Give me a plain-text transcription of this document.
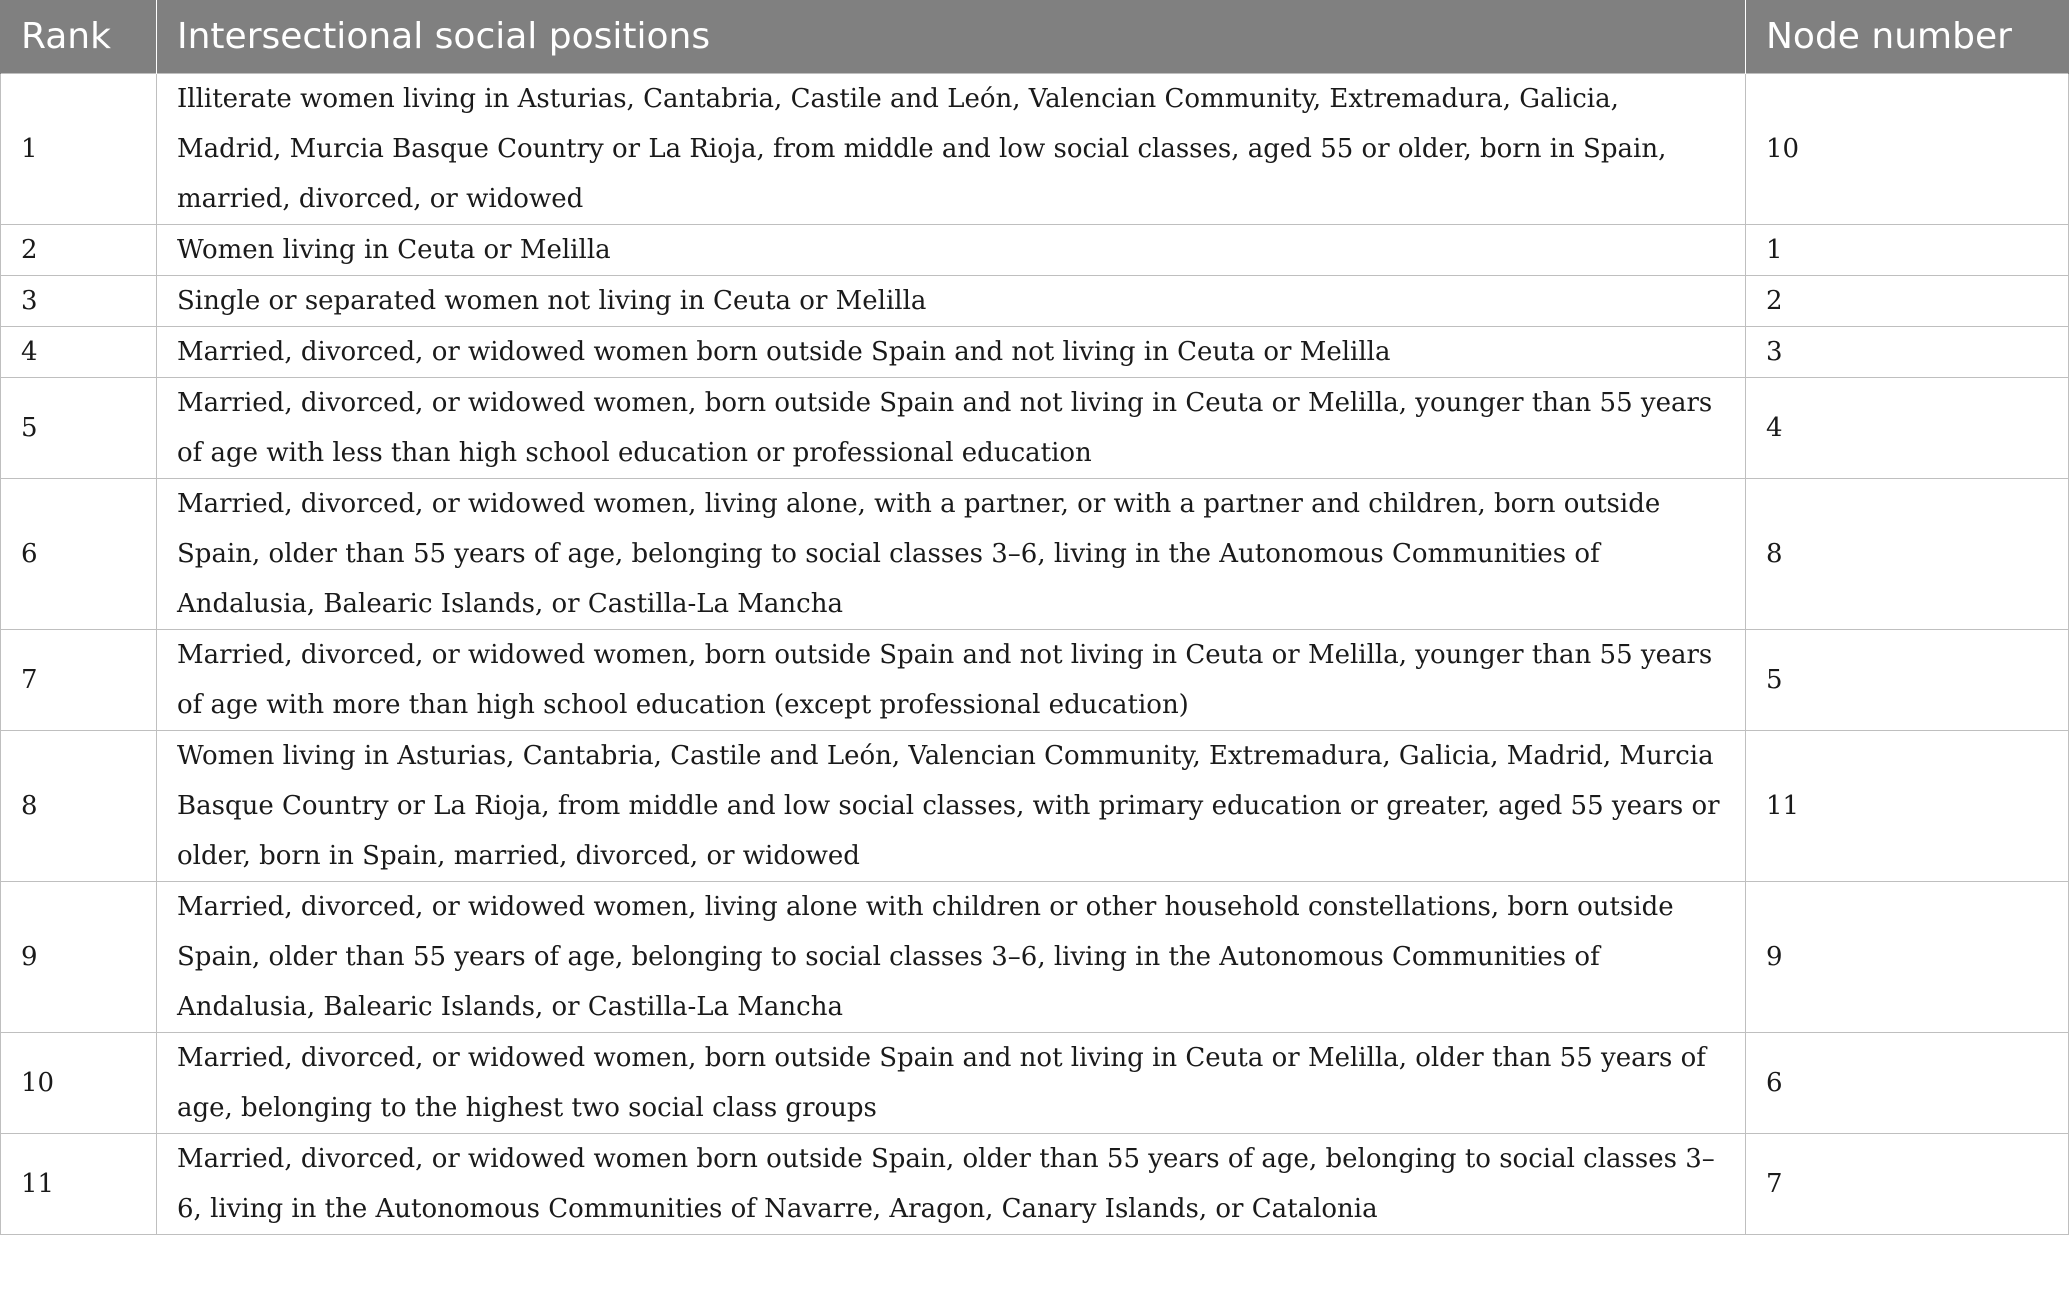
Rank	Intersectional social positions	Node number
1	Illiterate women living in Asturias, Cantabria, Castile and León, Valencian Community, Extremadura, Galicia, Madrid, Murcia Basque Country or La Rioja, from middle and low social classes, aged 55 or older, born in Spain, married, divorced, or widowed	10
2	Women living in Ceuta or Melilla	1
3	Single or separated women not living in Ceuta or Melilla	2
4	Married, divorced, or widowed women born outside Spain and not living in Ceuta or Melilla	3
5	Married, divorced, or widowed women, born outside Spain and not living in Ceuta or Melilla, younger than 55 years of age with less than high school education or professional education	4
6	Married, divorced, or widowed women, living alone, with a partner, or with a partner and children, born outside Spain, older than 55 years of age, belonging to social classes 3–6, living in the Autonomous Communities of Andalusia, Balearic Islands, or Castilla-La Mancha	8
7	Married, divorced, or widowed women, born outside Spain and not living in Ceuta or Melilla, younger than 55 years of age with more than high school education (except professional education)	5
8	Women living in Asturias, Cantabria, Castile and León, Valencian Community, Extremadura, Galicia, Madrid, Murcia Basque Country or La Rioja, from middle and low social classes, with primary education or greater, aged 55 years or older, born in Spain, married, divorced, or widowed	11
9	Married, divorced, or widowed women, living alone with children or other household constellations, born outside Spain, older than 55 years of age, belonging to social classes 3–6, living in the Autonomous Communities of Andalusia, Balearic Islands, or Castilla-La Mancha	9
10	Married, divorced, or widowed women, born outside Spain and not living in Ceuta or Melilla, older than 55 years of age, belonging to the highest two social class groups	6
11	Married, divorced, or widowed women born outside Spain, older than 55 years of age, belonging to social classes 3–6, living in the Autonomous Communities of Navarre, Aragon, Canary Islands, or Catalonia	7
